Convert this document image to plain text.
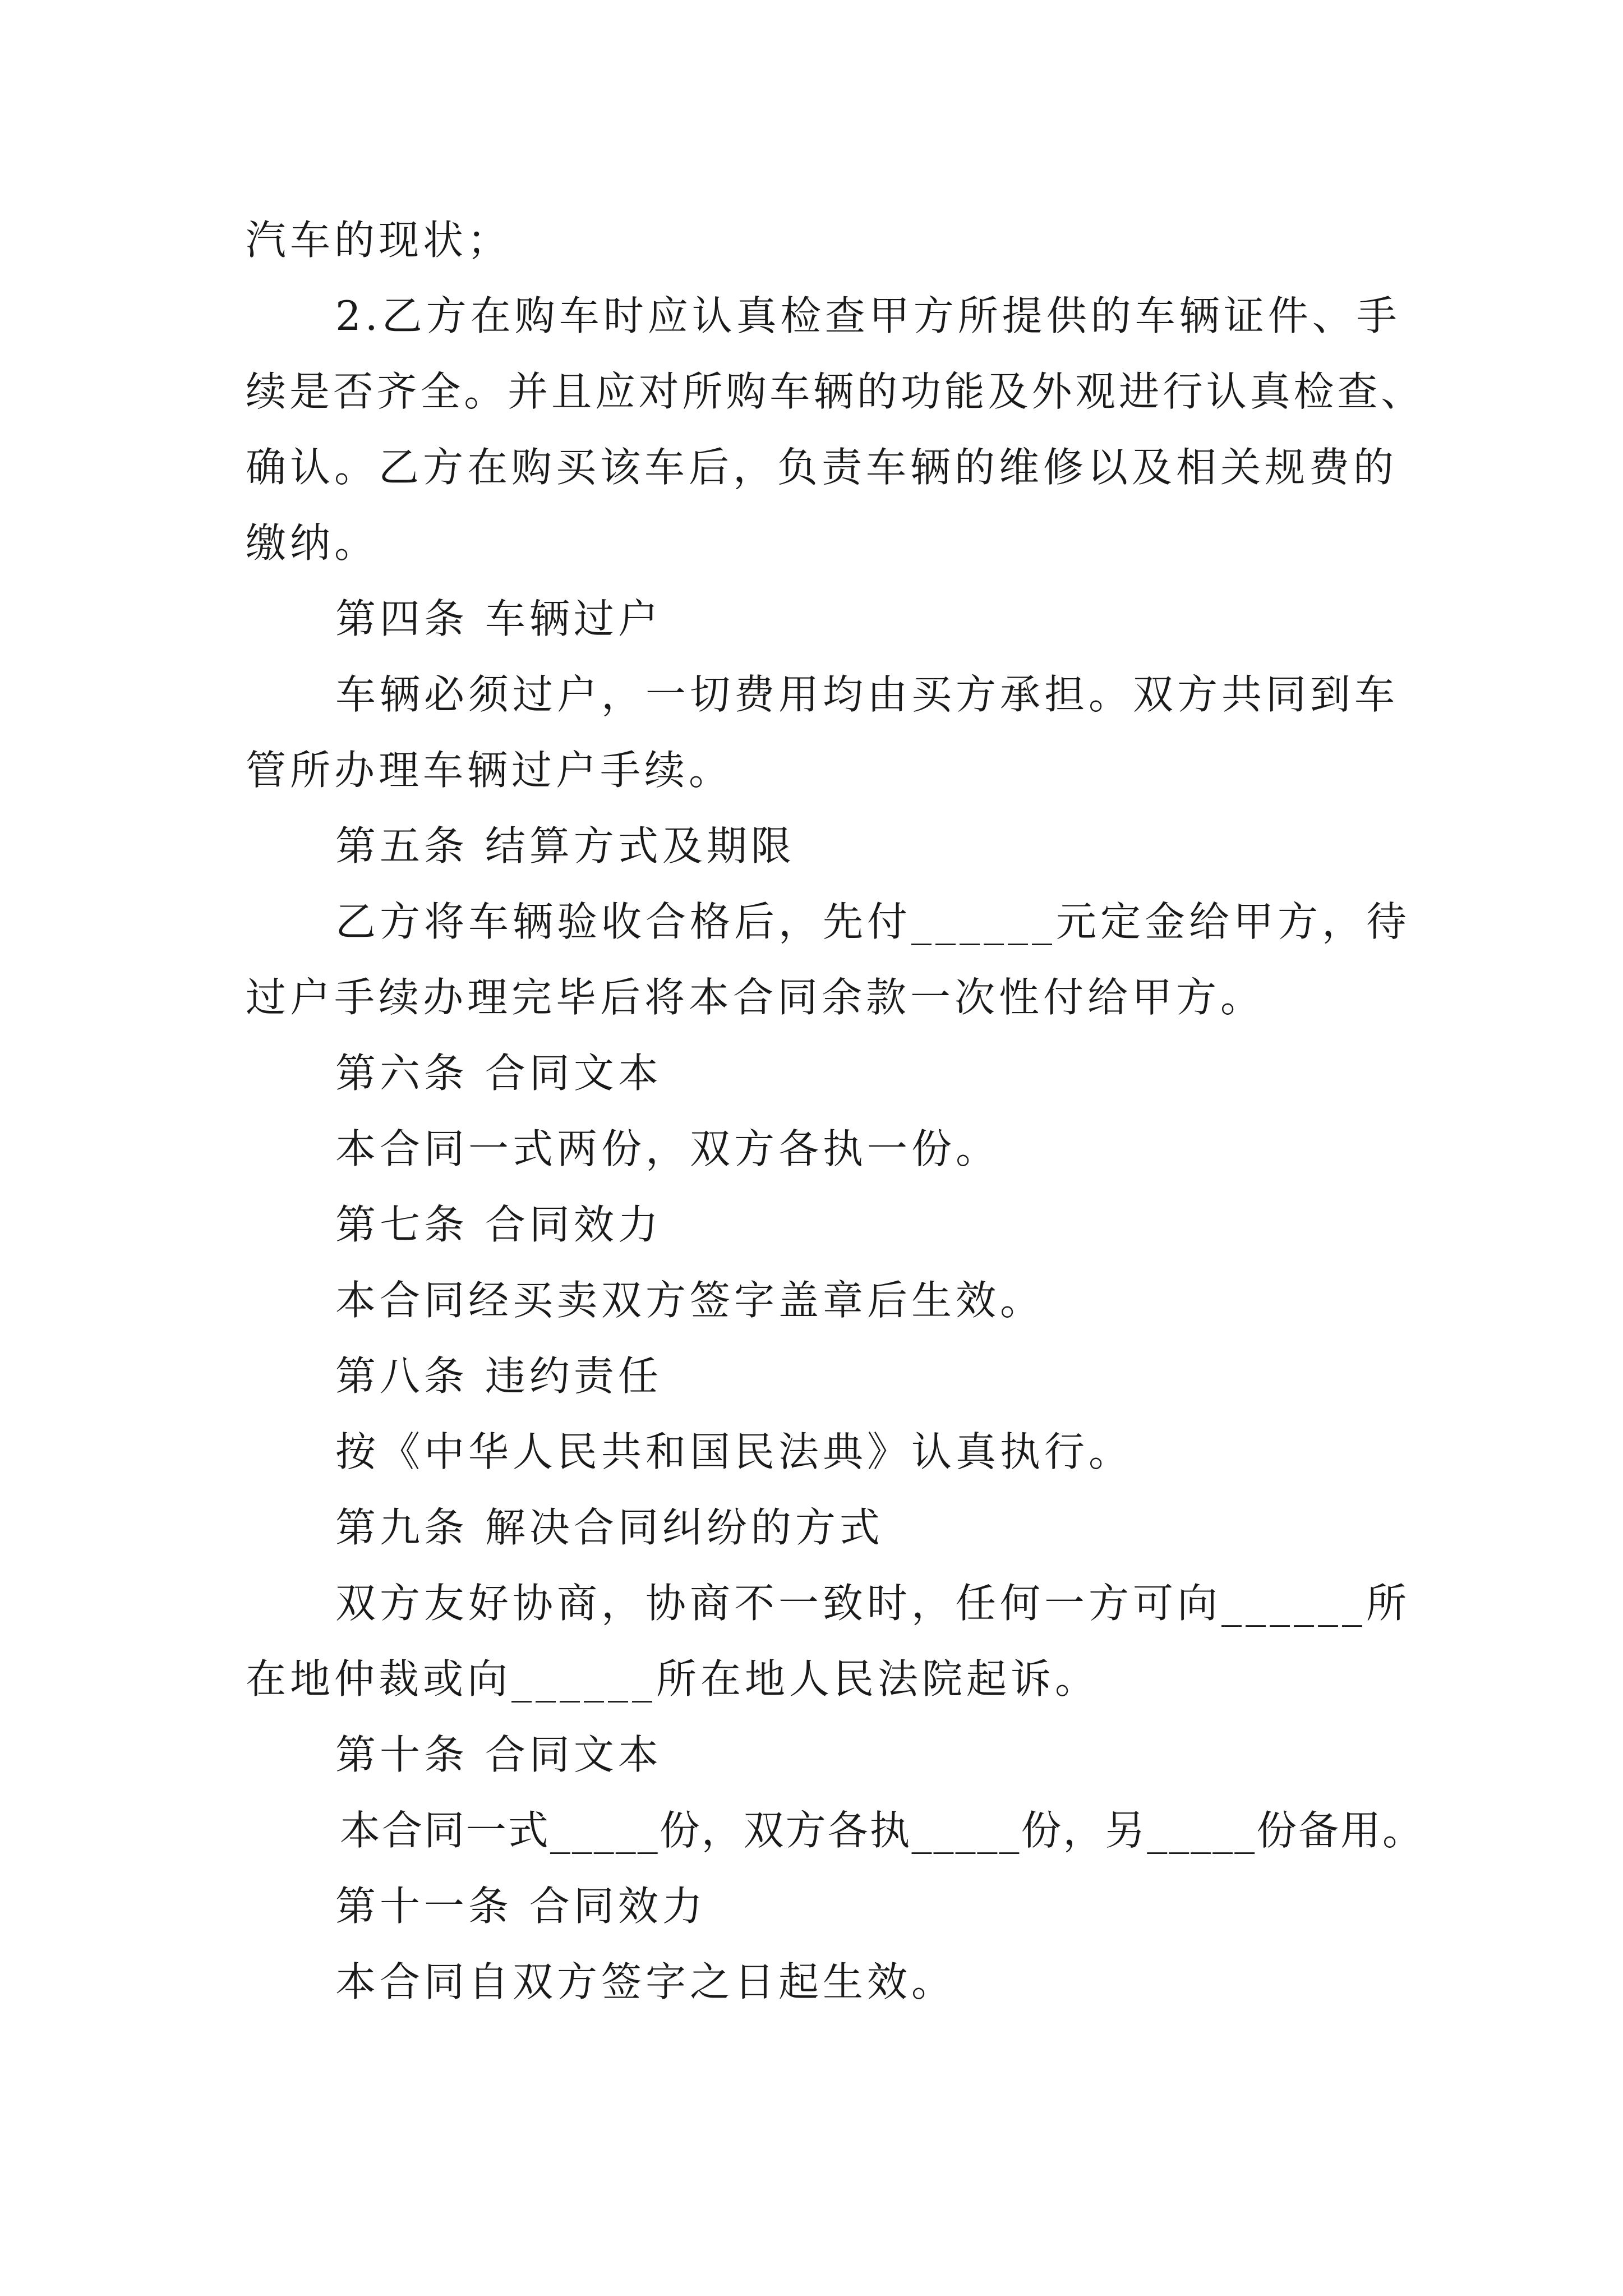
汽车的现状；
2.乙方在购车时应认真检查甲方所提供的车辆证件、手
续是否齐全。并且应对所购车辆的功能及外观进行认真检查、
确认。乙方在购买该车后，负责车辆的维修以及相关规费的
缴纳。
第四条 车辆过户
车辆必须过户，一切费用均由买方承担。双方共同到车
管所办理车辆过户手续。
第五条 结算方式及期限
乙方将车辆验收合格后，先付______元定金给甲方，待
过户手续办理完毕后将本合同余款一次性付给甲方。
第六条 合同文本
本合同一式两份，双方各执一份。
第七条 合同效力
本合同经买卖双方签字盖章后生效。
第八条 违约责任
按《中华人民共和国民法典》认真执行。
第九条 解决合同纠纷的方式
双方友好协商，协商不一致时，任何一方可向______所
在地仲裁或向______所在地人民法院起诉。
第十条 合同文本
本合同一式_____份，双方各执_____份，另_____份备用。
第十一条 合同效力
本合同自双方签字之日起生效。
